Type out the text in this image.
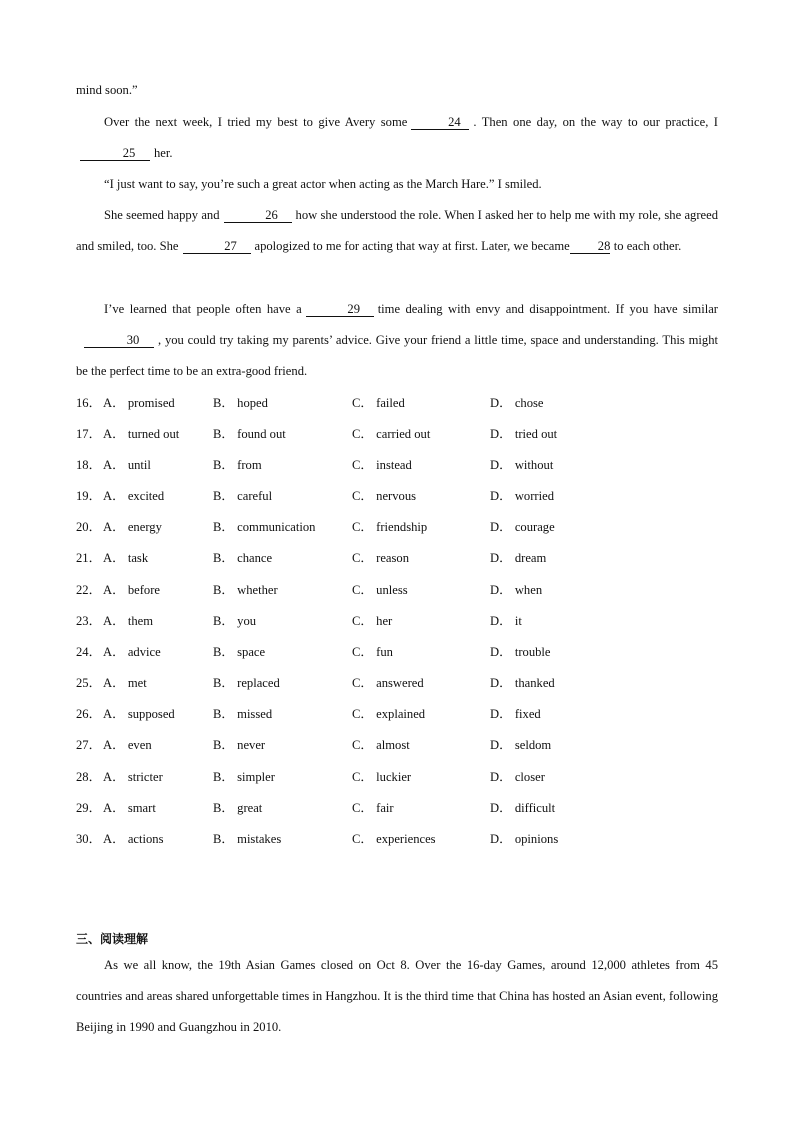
mind soon.”

Over the next week, I tried my best to give Avery some	24 . Then one day, on the way to our practice, I25 her.

“I just want to say, you’re such a great actor when acting as the March Hare.” I smiled.

She seemed happy and	26 how she understood the role. When I asked her to help me with my role, she agreed and smiled, too. She	27 apologized to me for acting that way at first. Later, we became 28 to each other.

I’ve learned that people often have a	29 time dealing with envy and disappointment. If you have similar30 , you could try taking my parents’ advice. Give your friend a little time, space and understanding. This might be the perfect time to be an extra-good friend.

16． A． promised	B． hoped	C． failed	D． chose
17． A． turned out	B． found out	C． carried out	D． tried out
18． A． until	B． from	C． instead	D． without
19． A． excited	B． careful	C． nervous	D． worried
20． A． energy	B． communication	C． friendship	D． courage
21． A． task	B． chance	C． reason	D． dream
22． A． before	B． whether	C． unless	D． when
23． A． them	B． you	C． her	D． it
24． A． advice	B． space	C． fun	D． trouble
25． A． met	B． replaced	C． answered	D． thanked
26． A． supposed	B． missed	C． explained	D． fixed
27． A． even	B． never	C． almost	D． seldom
28． A． stricter	B． simpler	C． luckier	D． closer
29． A． smart	B． great	C． fair	D． difficult
30． A． actions	B． mistakes	C． experiences	D． opinions
三、阅读理解

As we all know, the 19th Asian Games closed on Oct 8. Over the 16-day Games, around 12,000 athletes from 45 countries and areas shared unforgettable times in Hangzhou. It is the third time that China has hosted an Asian event, following Beijing in 1990 and Guangzhou in 2010.
